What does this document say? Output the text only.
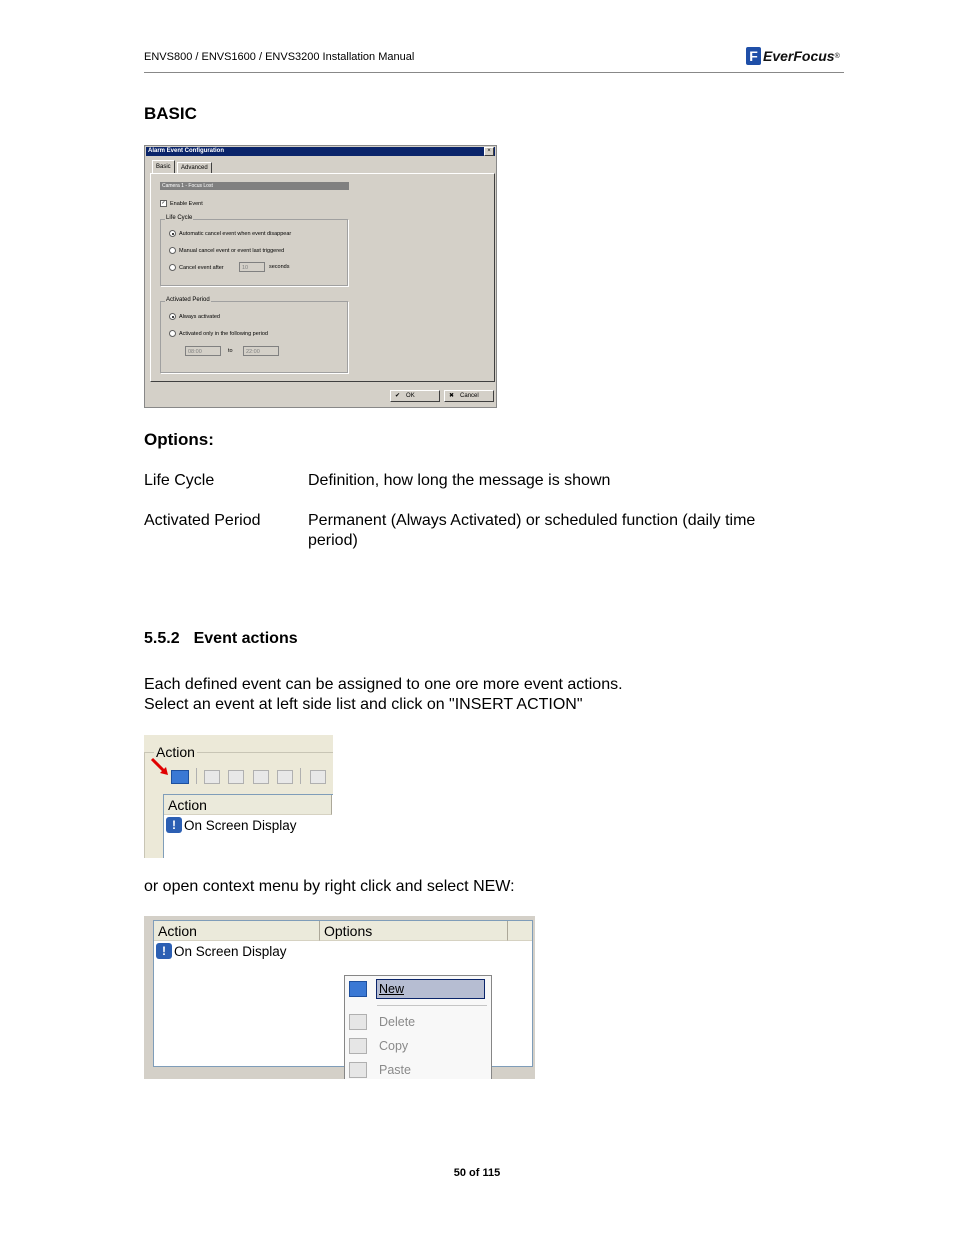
ENVS800 / ENVS1600 / ENVS3200 Installation Manual	F EverFocus ®
BASIC
Alarm Event Configuration	×
Basic	Advanced
Camera 1 - Focus Lost
✓ Enable Event
Life Cycle
Automatic cancel event when event disappear
Manual cancel event or event last triggered
Cancel event after	10	seconds
Activated Period
Always activated
Activated only in the following period
08:00	to	22:00
✔ OK	✖ Cancel
Options:
Life Cycle	Definition, how long the message is shown
Activated Period	Permanent (Always Activated) or scheduled function (daily time
period)
5.5.2 Event actions
Each defined event can be assigned to one ore more event actions.
Select an event at left side list and click on "INSERT ACTION"
Action
Action
! On Screen Display
or open context menu by right click and select NEW:
Action	Options
! On Screen Display
New
Delete
Copy
Paste
50 of 115
